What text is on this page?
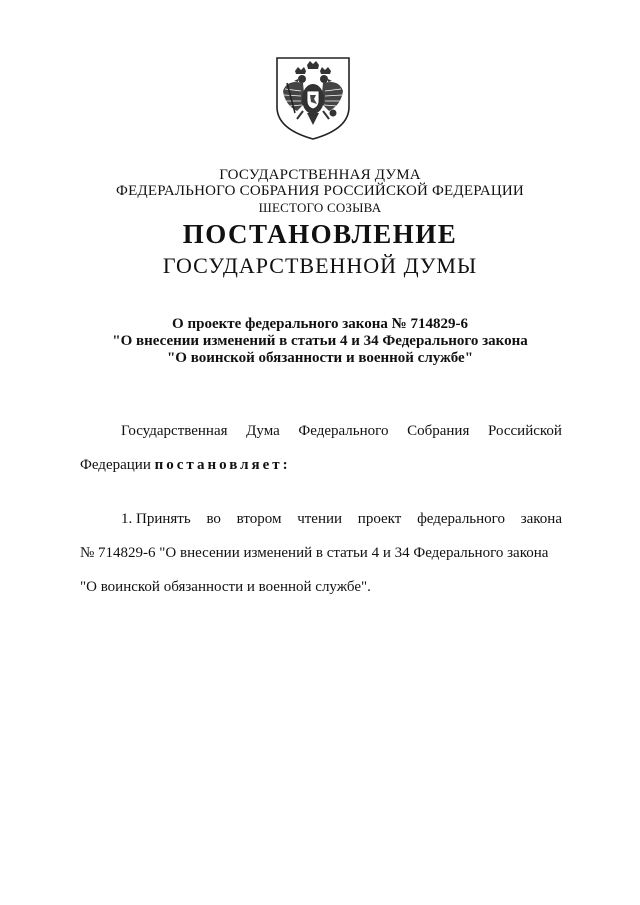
ГОСУДАРСТВЕННАЯ ДУМА
ФЕДЕРАЛЬНОГО СОБРАНИЯ РОССИЙСКОЙ ФЕДЕРАЦИИ
ШЕСТОГО СОЗЫВА
ПОСТАНОВЛЕНИЕ
ГОСУДАРСТВЕННОЙ ДУМЫ
О проекте федерального закона № 714829-6
"О внесении изменений в статьи 4 и 34 Федерального закона
"О воинской обязанности и военной службе"
Государственная Дума Федерального Собрания Российской
Федерации постановляет:
1. Принять во втором чтении проект федерального закона
№ 714829-6 "О внесении изменений в статьи 4 и 34 Федерального закона
"О воинской обязанности и военной службе".
